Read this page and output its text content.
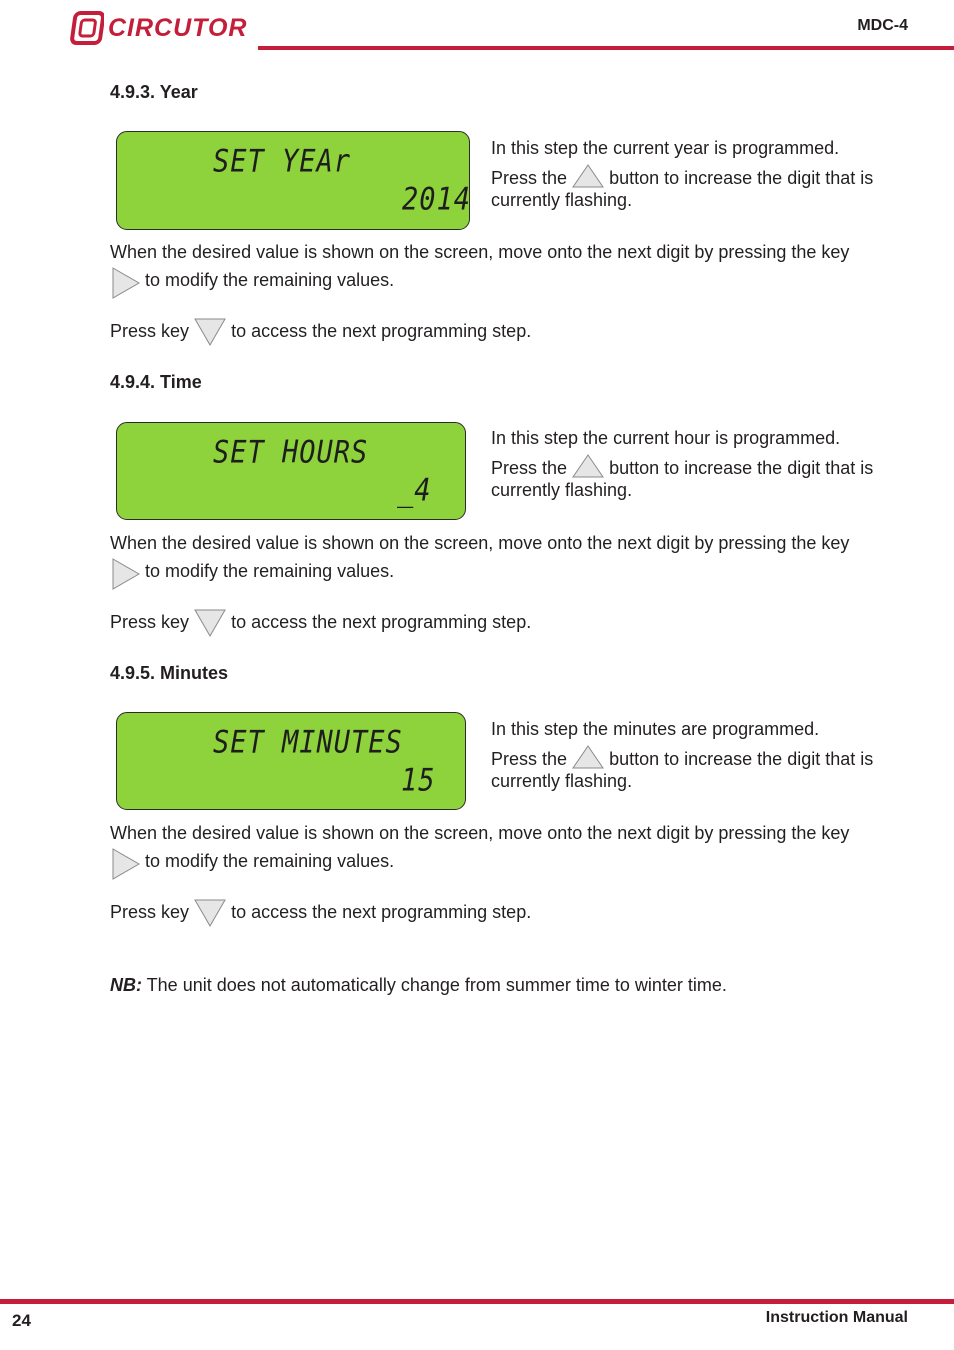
CIRCUTOR	MDC-4
4.9.3. Year
SET YEAr
2014

In this step the current year is programmed.

Press the button to increase the digit that is
currently flashing.

When the desired value is shown on the screen, move onto the next digit by pressing the key
to modify the remaining values.
Press key to access the next programming step.
4.9.4. Time
SET HOURS
_4

In this step the current hour is programmed.

Press the button to increase the digit that is
currently flashing.

When the desired value is shown on the screen, move onto the next digit by pressing the key
to modify the remaining values.
Press key to access the next programming step.
4.9.5. Minutes
SET MINUTES
15

In this step the minutes are programmed.

Press the button to increase the digit that is
currently flashing.

When the desired value is shown on the screen, move onto the next digit by pressing the key
to modify the remaining values.
Press key to access the next programming step.
NB: The unit does not automatically change from summer time to winter time.
24	Instruction Manual
